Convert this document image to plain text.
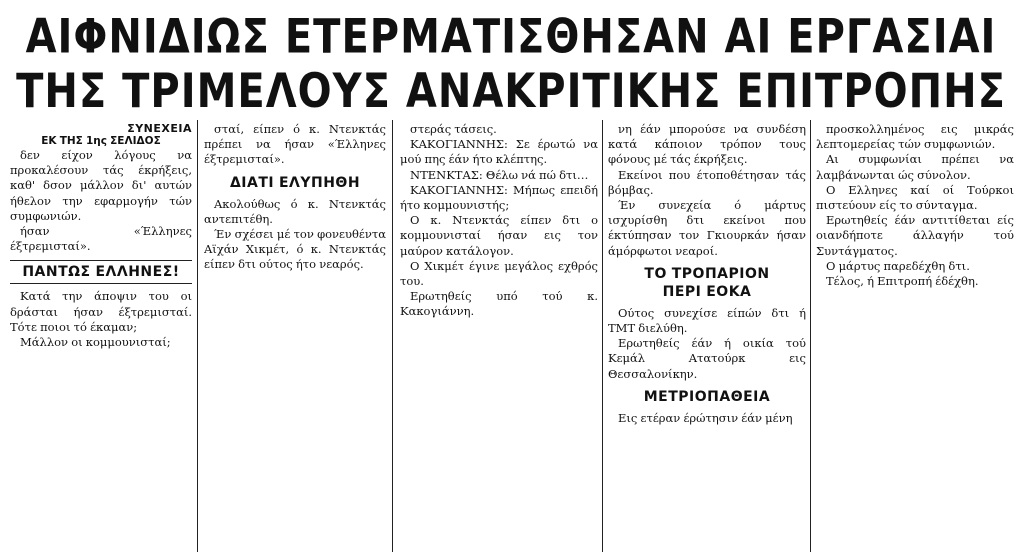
ΑΙΦΝΙΔΙΩΣ ΕΤΕΡΜΑΤΙΣΘΗΣΑΝ ΑΙ ΕΡΓΑΣΙΑΙ
ΤΗΣ ΤΡΙΜΕΛΟΥΣ ΑΝΑΚΡΙΤΙΚΗΣ ΕΠΙΤΡΟΠΗΣ

ΣΥΝΕΧΕΙΑ

ΕΚ ΤΗΣ 1ης ΣΕΛΙΔΟΣ

δεν είχον λόγους να προκαλέσουν τάς έκρήξεις, καθ' δσον μάλλον δι' αυτών ήθελον την εφαρμογήν τών συμφωνιών.

ήσαν «Έλληνες έξτρεμισταί».

ΠΑΝΤΩΣ ΕΛΛΗΝΕΣ!

Κατά την άποψιν του οι δράσται ήσαν έξτρεμισταί. Τότε ποιοι τό έκαμαν;

Μάλλον οι κομμουνισταί;

σταί, είπεν ό κ. Ντενκτάς πρέπει να ήσαν «Έλληνες έξτρεμισταί».

ΔΙΑΤΙ ΕΛΥΠΗΘΗ

Ακολούθως ό κ. Ντενκτάς αντεπιτέθη.

Έν σχέσει μέ τον φονευθέντα Αϊχάν Χικμέτ, ό κ. Ντενκτάς είπεν δτι ούτος ήτο νεαρός.

στεράς τάσεις.

ΚΑΚΟΓΙΑΝΝΗΣ: Σε έρωτώ να μού πης έάν ήτο κλέπτης.

ΝΤΕΝΚΤΑΣ: Θέλω νά πώ δτι…

ΚΑΚΟΓΙΑΝΝΗΣ: Μήπως επειδή ήτο κομμουνιστής;

Ο κ. Ντενκτάς είπεν δτι ο κομμουνισταί ήσαν εις τον μαύρον κατάλογον.

Ο Χικμέτ έγινε μεγάλος εχθρός του.

Ερωτηθείς υπό τού κ. Κακογιάννη.

νη έάν μπορούσε να συνδέση κατά κάποιον τρόπον τους φόνους μέ τάς έκρήξεις.

Εκείνοι που έτοποθέτησαν τάς βόμβας.

Έν συνεχεία ό μάρτυς ισχυρίσθη δτι εκείνοι που έκτύπησαν τον Γκιουρκάν ήσαν άμόρφωτοι νεαροί.

ΤΟ ΤΡΟΠΑΡΙΟΝ
ΠΕΡΙ ΕΟΚΑ

Ούτος συνεχίσε είπών δτι ή ΤΜΤ διελύθη.

Ερωτηθείς έάν ή οικία τού Κεμάλ Ατατούρκ εις Θεσσαλονίκην.

ΜΕΤΡΙΟΠΑΘΕΙΑ

Εις ετέραν έρώτησιν έάν μένη

προσκολλημένος εις μικράς λεπτομερείας τών συμφωνιών.

Αι συμφωνίαι πρέπει να λαμβάνωνται ώς σύνολον.

Ο Ελληνες καί οί Τούρκοι πιστεύουν είς το σύνταγμα.

Ερωτηθείς έάν αντιτίθεται είς οιανδήποτε άλλαγήν τού Συντάγματος.

Ο μάρτυς παρεδέχθη δτι.

Τέλος, ή Επιτροπή έδέχθη.
